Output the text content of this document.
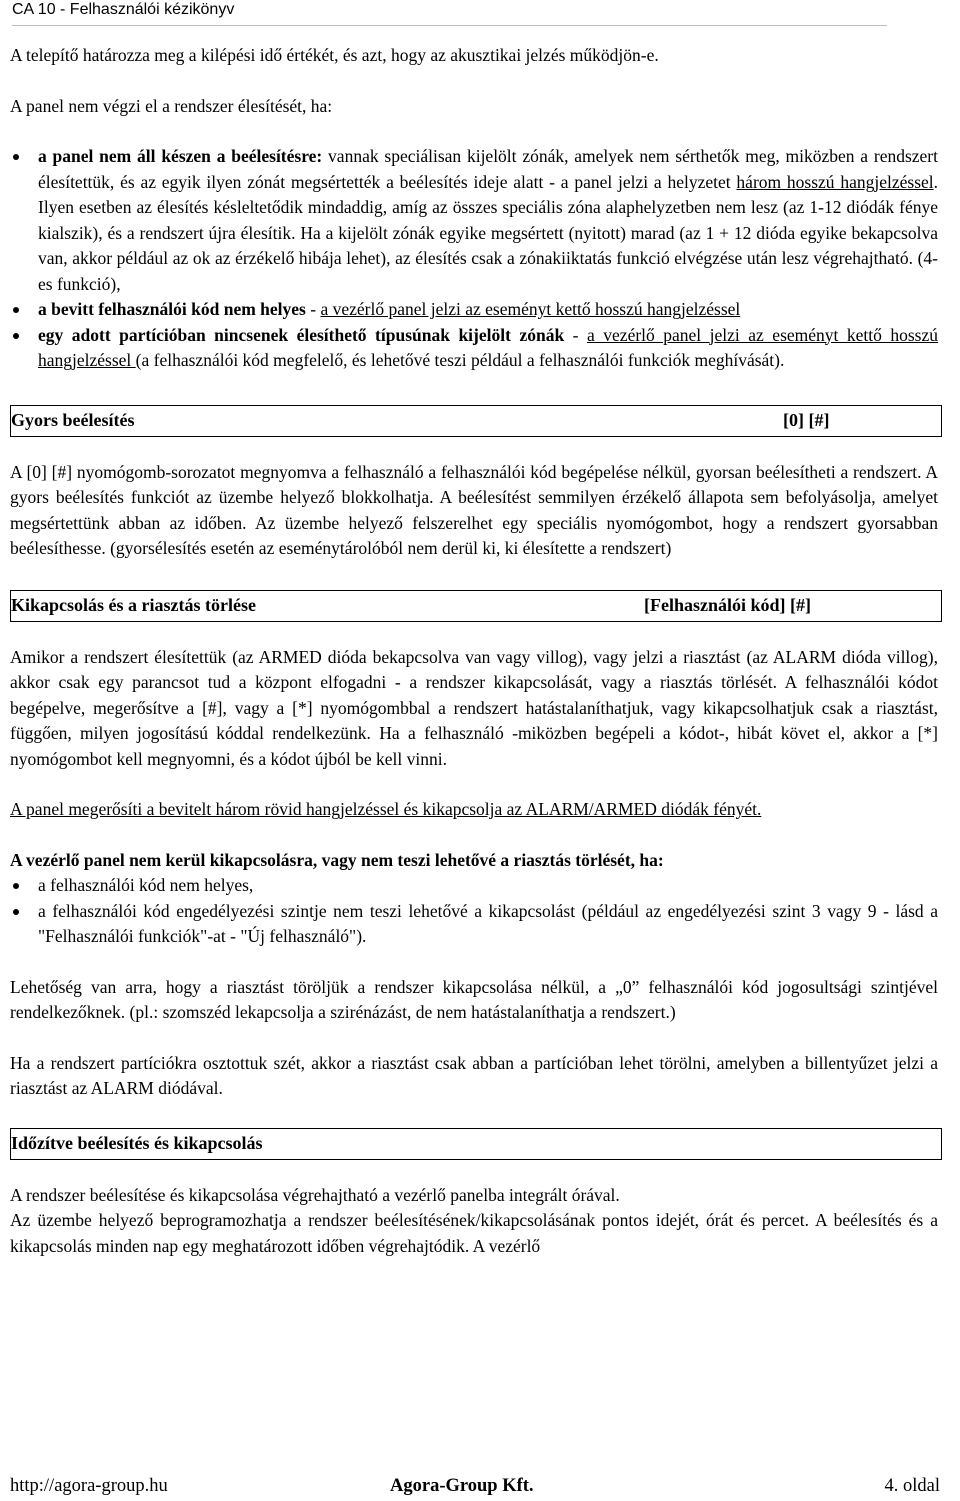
CA 10 - Felhasználói kézikönyv

A telepítő határozza meg a kilépési idő értékét, és azt, hogy az akusztikai jelzés működjön-e.

A panel nem végzi el a rendszer élesítését, ha:

a panel nem áll készen a beélesítésre: vannak speciálisan kijelölt zónák, amelyek nem sérthetők meg, miközben a rendszert élesítettük, és az egyik ilyen zónát megsértették a beélesítés ideje alatt - a panel jelzi a helyzetet három hosszú hangjelzéssel. Ilyen esetben az élesítés késleltetődik mindaddig, amíg az összes speciális zóna alaphelyzetben nem lesz (az 1-12 diódák fénye kialszik), és a rendszert újra élesítik. Ha a kijelölt zónák egyike megsértett (nyitott) marad (az 1 + 12 dióda egyike bekapcsolva van, akkor például az ok az érzékelő hibája lehet), az élesítés csak a zónakiiktatás funkció elvégzése után lesz végrehajtható. (4-es funkció),
a bevitt felhasználói kód nem helyes - a vezérlő panel jelzi az eseményt kettő hosszú hangjelzéssel
egy adott partícióban nincsenek élesíthető típusúnak kijelölt zónák - a vezérlő panel jelzi az eseményt kettő hosszú hangjelzéssel (a felhasználói kód megfelelő, és lehetővé teszi például a felhasználói funkciók meghívását).
Gyors beélesítés	[0] [#]

A [0] [#] nyomógomb-sorozatot megnyomva a felhasználó a felhasználói kód begépelése nélkül, gyorsan beélesítheti a rendszert. A gyors beélesítés funkciót az üzembe helyező blokkolhatja. A beélesítést semmilyen érzékelő állapota sem befolyásolja, amelyet megsértettünk abban az időben. Az üzembe helyező felszerelhet egy speciális nyomógombot, hogy a rendszert gyorsabban beélesíthesse. (gyorsélesítés esetén az eseménytárolóból nem derül ki, ki élesítette a rendszert)

Kikapcsolás és a riasztás törlése	[Felhasználói kód] [#]

Amikor a rendszert élesítettük (az ARMED dióda bekapcsolva van vagy villog), vagy jelzi a riasztást (az ALARM dióda villog), akkor csak egy parancsot tud a központ elfogadni - a rendszer kikapcsolását, vagy a riasztás törlését. A felhasználói kódot begépelve, megerősítve a [#], vagy a [*] nyomógombbal a rendszert hatástalaníthatjuk, vagy kikapcsolhatjuk csak a riasztást, függően, milyen jogosítású kóddal rendelkezünk. Ha a felhasználó -miközben begépeli a kódot-, hibát követ el, akkor a [*] nyomógombot kell megnyomni, és a kódot újból be kell vinni.

A panel megerősíti a bevitelt három rövid hangjelzéssel és kikapcsolja az ALARM/ARMED diódák fényét.

A vezérlő panel nem kerül kikapcsolásra, vagy nem teszi lehetővé a riasztás törlését, ha:

a felhasználói kód nem helyes,
a felhasználói kód engedélyezési szintje nem teszi lehetővé a kikapcsolást (például az engedélyezési szint 3 vagy 9 - lásd a "Felhasználói funkciók"-at - "Új felhasználó").

Lehetőség van arra, hogy a riasztást töröljük a rendszer kikapcsolása nélkül, a „0” felhasználói kód jogosultsági szintjével rendelkezőknek. (pl.: szomszéd lekapcsolja a szirénázást, de nem hatástalaníthatja a rendszert.)

Ha a rendszert partíciókra osztottuk szét, akkor a riasztást csak abban a partícióban lehet törölni, amelyben a billentyűzet jelzi a riasztást az ALARM diódával.

Időzítve beélesítés és kikapcsolás

A rendszer beélesítése és kikapcsolása végrehajtható a vezérlő panelba integrált órával.

Az üzembe helyező beprogramozhatja a rendszer beélesítésének/kikapcsolásának pontos idejét, órát és percet. A beélesítés és a kikapcsolás minden nap egy meghatározott időben végrehajtódik. A vezérlő

http://agora-group.hu	Agora-Group Kft.	4. oldal
